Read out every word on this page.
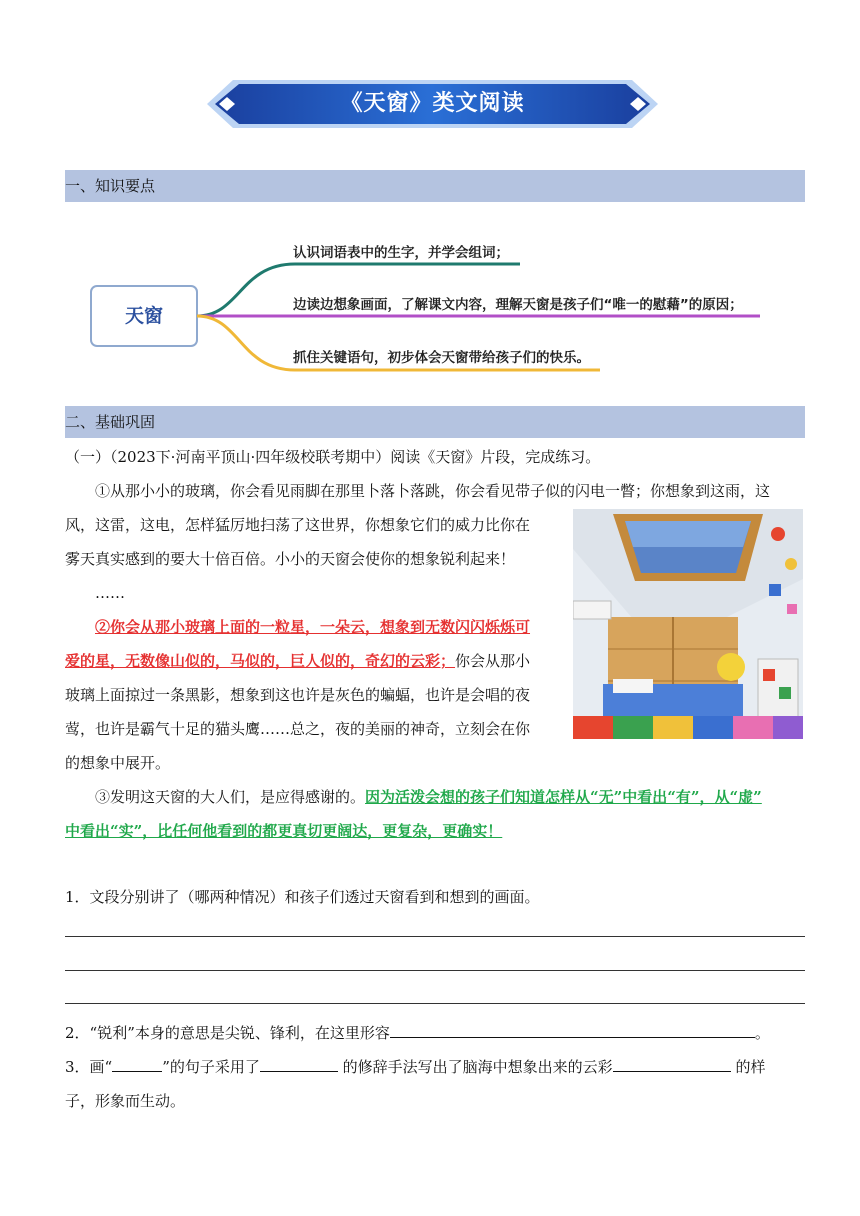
《天窗》类文阅读
一、知识要点
天窗
认识词语表中的生字，并学会组词；
边读边想象画面，了解课文内容，理解天窗是孩子们“唯一的慰藉”的原因；
抓住关键语句，初步体会天窗带给孩子们的快乐。
二、基础巩固

（一）（2023下·河南平顶山·四年级校联考期中）阅读《天窗》片段，完成练习。

①从那小小的玻璃，你会看见雨脚在那里卜落卜落跳，你会看见带子似的闪电一瞥；你想象到这雨，这

风，这雷，这电，怎样猛厉地扫荡了这世界，你想象它们的威力比你在

雾天真实感到的要大十倍百倍。小小的天窗会使你的想象锐利起来！

……

②你会从那小玻璃上面的一粒星，一朵云，想象到无数闪闪烁烁可

爱的星，无数像山似的，马似的，巨人似的，奇幻的云彩；你会从那小

玻璃上面掠过一条黑影，想象到这也许是灰色的蝙蝠，也许是会唱的夜

莺，也许是霸气十足的猫头鹰……总之，夜的美丽的神奇，立刻会在你

的想象中展开。

③发明这天窗的大人们，是应得感谢的。因为活泼会想的孩子们知道怎样从“无”中看出“有”，从“虚”

中看出“实”，比任何他看到的都更真切更阔达，更复杂，更确实！

1．文段分别讲了（哪两种情况）和孩子们透过天窗看到和想到的画面。

2．“锐利”本身的意思是尖锐、锋利，在这里形容	。

3．画“	”的句子采用了	的修辞手法写出了脑海中想象出来的云彩	的样

子，形象而生动。
